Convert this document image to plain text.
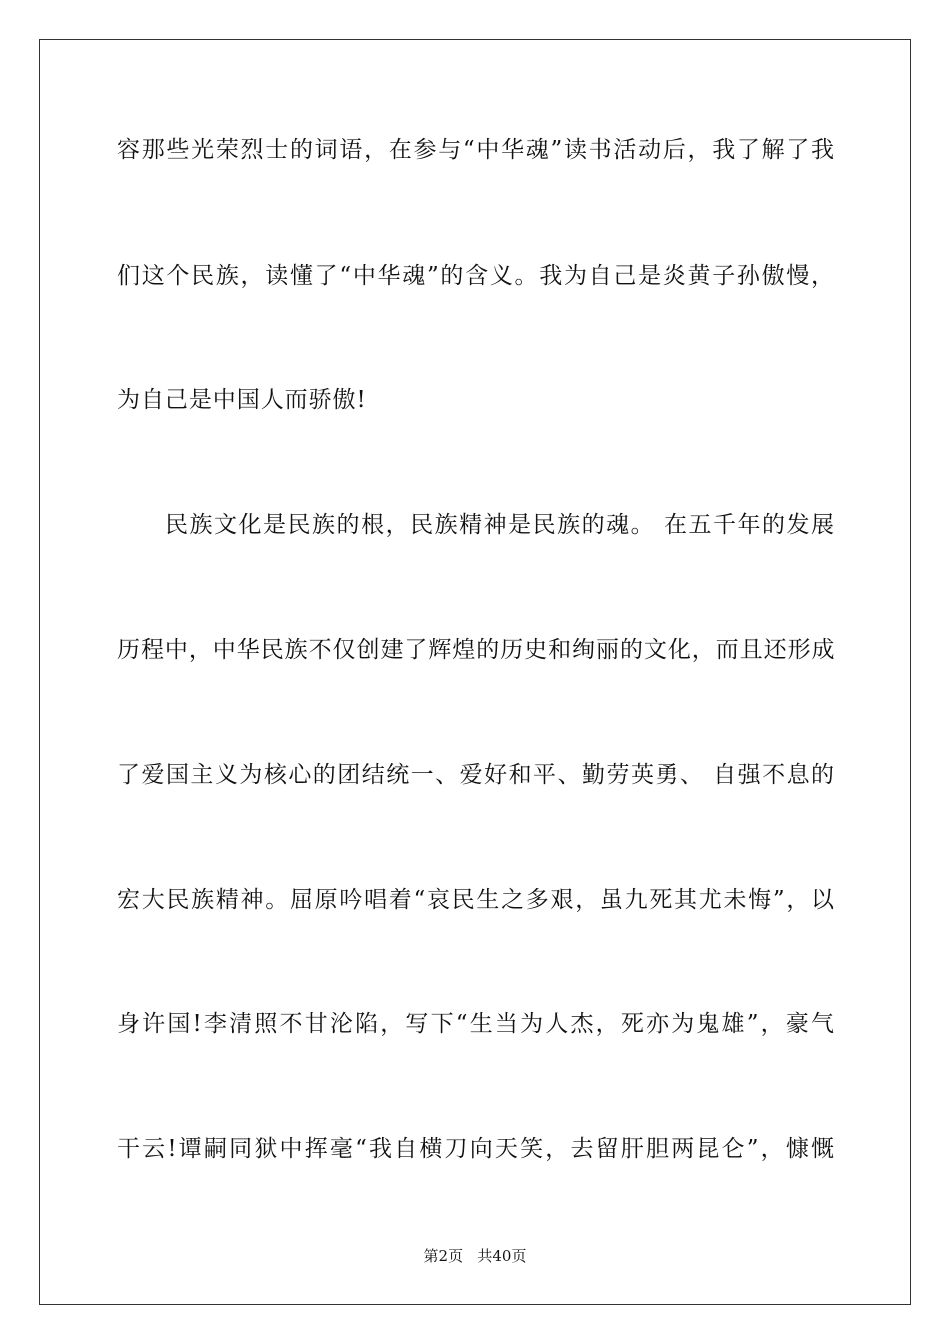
容那些光荣烈士的词语，在参与“中华魂”读书活动后，我了解了我

们这个民族，读懂了“中华魂”的含义。我为自己是炎黄子孙傲慢，

为自己是中国人而骄傲!

民族文化是民族的根，民族精神是民族的魂。 在五千年的发展

历程中，中华民族不仅创建了辉煌的历史和绚丽的文化，而且还形成

了爱国主义为核心的团结统一、爱好和平、勤劳英勇、 自强不息的

宏大民族精神。屈原吟唱着“哀民生之多艰，虽九死其尤未悔”，以

身许国!李清照不甘沦陷，写下“生当为人杰，死亦为鬼雄”，豪气

干云!谭嗣同狱中挥毫“我自横刀向天笑，去留肝胆两昆仑”，慷慨

第2页   共40页
